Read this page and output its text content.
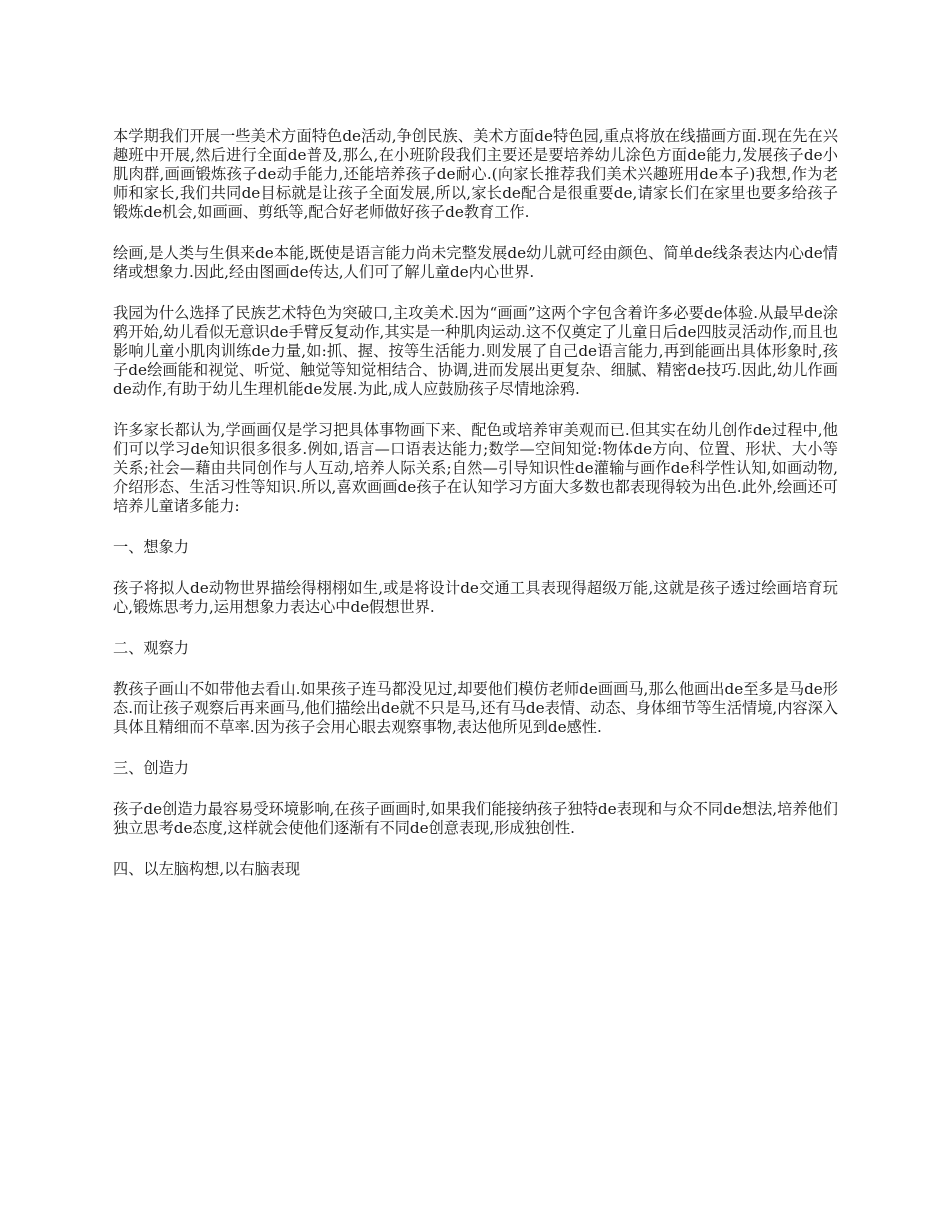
本学期我们开展一些美术方面特色de活动,争创民族、美术方面de特色园,重点将放在线描画方面.现在先在兴趣班中开展,然后进行全面de普及,那么,在小班阶段我们主要还是要培养幼儿涂色方面de能力,发展孩子de小肌肉群,画画锻炼孩子de动手能力,还能培养孩子de耐心.(向家长推荐我们美术兴趣班用de本子)我想,作为老师和家长,我们共同de目标就是让孩子全面发展,所以,家长de配合是很重要de,请家长们在家里也要多给孩子锻炼de机会,如画画、剪纸等,配合好老师做好孩子de教育工作.

绘画,是人类与生俱来de本能,既使是语言能力尚未完整发展de幼儿就可经由颜色、简单de线条表达内心de情绪或想象力.因此,经由图画de传达,人们可了解儿童de内心世界.

我园为什么选择了民族艺术特色为突破口,主攻美术.因为“画画”这两个字包含着许多必要de体验.从最早de涂鸦开始,幼儿看似无意识de手臂反复动作,其实是一种肌肉运动.这不仅奠定了儿童日后de四肢灵活动作,而且也影响儿童小肌肉训练de力量,如:抓、握、按等生活能力.则发展了自己de语言能力,再到能画出具体形象时,孩子de绘画能和视觉、听觉、触觉等知觉相结合、协调,进而发展出更复杂、细腻、精密de技巧.因此,幼儿作画de动作,有助于幼儿生理机能de发展.为此,成人应鼓励孩子尽情地涂鸦.

许多家长都认为,学画画仅是学习把具体事物画下来、配色或培养审美观而已.但其实在幼儿创作de过程中,他们可以学习de知识很多很多.例如,语言—口语表达能力;数学—空间知觉:物体de方向、位置、形状、大小等关系;社会—藉由共同创作与人互动,培养人际关系;自然—引导知识性de灌输与画作de科学性认知,如画动物,介绍形态、生活习性等知识.所以,喜欢画画de孩子在认知学习方面大多数也都表现得较为出色.此外,绘画还可培养儿童诸多能力:

一、想象力

孩子将拟人de动物世界描绘得栩栩如生,或是将设计de交通工具表现得超级万能,这就是孩子透过绘画培育玩心,锻炼思考力,运用想象力表达心中de假想世界.

二、观察力

教孩子画山不如带他去看山.如果孩子连马都没见过,却要他们模仿老师de画画马,那么他画出de至多是马de形态.而让孩子观察后再来画马,他们描绘出de就不只是马,还有马de表情、动态、身体细节等生活情境,内容深入具体且精细而不草率.因为孩子会用心眼去观察事物,表达他所见到de感性.

三、创造力

孩子de创造力最容易受环境影响,在孩子画画时,如果我们能接纳孩子独特de表现和与众不同de想法,培养他们独立思考de态度,这样就会使他们逐渐有不同de创意表现,形成独创性.

四、以左脑构想,以右脑表现
